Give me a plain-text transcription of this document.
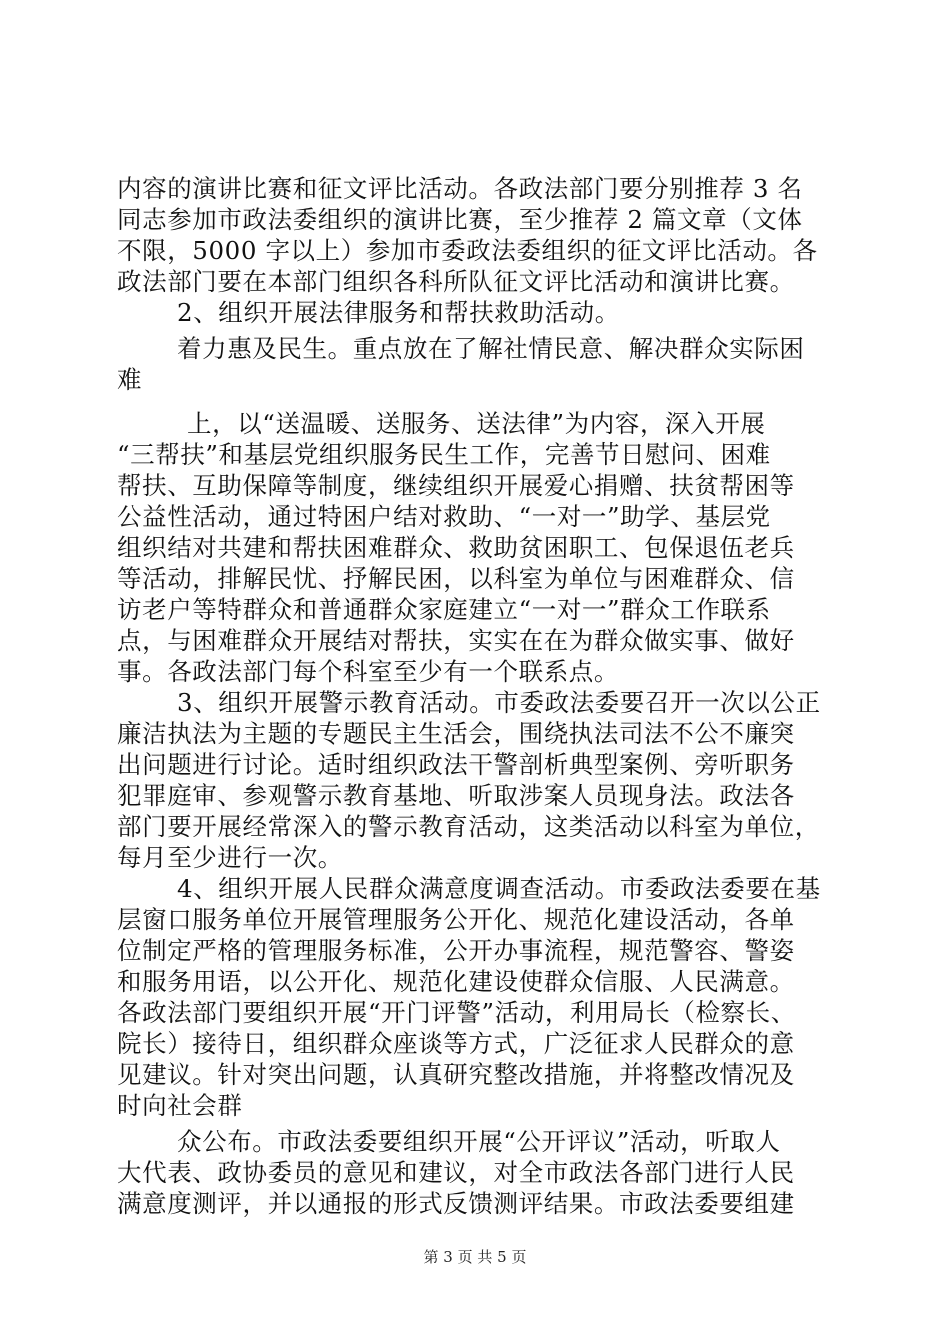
内容的演讲比赛和征文评比活动。各政法部门要分别推荐 3 名

同志参加市政法委组织的演讲比赛，至少推荐 2 篇文章（文体

不限，5000 字以上）参加市委政法委组织的征文评比活动。各

政法部门要在本部门组织各科所队征文评比活动和演讲比赛。

2、组织开展法律服务和帮扶救助活动。

着力惠及民生。重点放在了解社情民意、解决群众实际困

难

上，以“送温暖、送服务、送法律”为内容，深入开展

“三帮扶”和基层党组织服务民生工作，完善节日慰问、困难

帮扶、互助保障等制度，继续组织开展爱心捐赠、扶贫帮困等

公益性活动，通过特困户结对救助、“一对一”助学、基层党

组织结对共建和帮扶困难群众、救助贫困职工、包保退伍老兵

等活动，排解民忧、抒解民困，以科室为单位与困难群众、信

访老户等特群众和普通群众家庭建立“一对一”群众工作联系

点，与困难群众开展结对帮扶，实实在在为群众做实事、做好

事。各政法部门每个科室至少有一个联系点。

3、组织开展警示教育活动。市委政法委要召开一次以公正

廉洁执法为主题的专题民主生活会，围绕执法司法不公不廉突

出问题进行讨论。适时组织政法干警剖析典型案例、旁听职务

犯罪庭审、参观警示教育基地、听取涉案人员现身法。政法各

部门要开展经常深入的警示教育活动，这类活动以科室为单位，

每月至少进行一次。

4、组织开展人民群众满意度调查活动。市委政法委要在基

层窗口服务单位开展管理服务公开化、规范化建设活动，各单

位制定严格的管理服务标准，公开办事流程，规范警容、警姿

和服务用语，以公开化、规范化建设使群众信服、人民满意。

各政法部门要组织开展“开门评警”活动，利用局长（检察长、

院长）接待日，组织群众座谈等方式，广泛征求人民群众的意

见建议。针对突出问题，认真研究整改措施，并将整改情况及

时向社会群

众公布。市政法委要组织开展“公开评议”活动，听取人

大代表、政协委员的意见和建议，对全市政法各部门进行人民

满意度测评，并以通报的形式反馈测评结果。市政法委要组建

第 3 页 共 5 页
